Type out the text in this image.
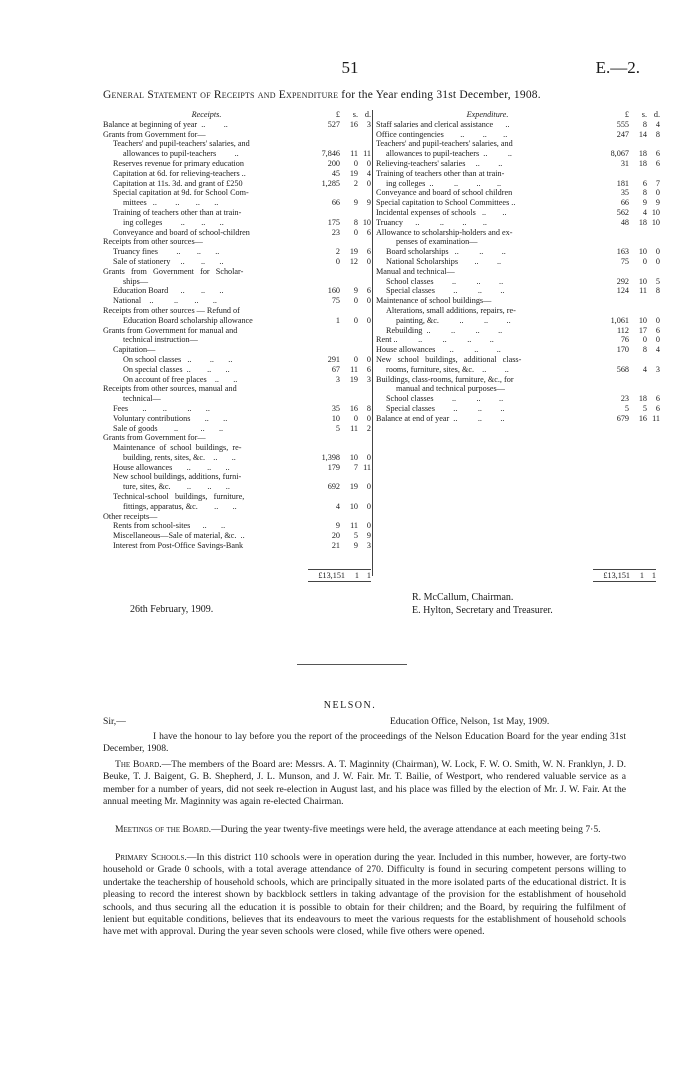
51	E.—2.
General Statement of Receipts and Expenditure for the Year ending 31st December, 1908.
Receipts.	£	s. d.
Balance at beginning of year  ..         ..	527	16	3
Grants from Government for—
Teachers' and pupil-teachers' salaries, and
allowances to pupil-teachers         ..	7,846	11 11
Reserves revenue for primary education	200	0	0
Capitation at 6d. for relieving-teachers ..	45	19	4
Capitation at 11s. 3d. and grant of £250	1,285	2	0
Special capitation at 9d. for School Com-
mittees   ..         ..        ..       ..	66	9	9
Training of teachers other than at train-
ing colleges         ..        ..       ..	175	8 10
Conveyance and board of school-children	23	0	6
Receipts from other sources—
Truancy fines         ..        ..       ..	2	19	6
Sale of stationery     ..        ..       ..	0	12	0
Grants   from   Government   for   Scholar-
ships—
Education Board      ..        ..       ..	160	9	6
National    ..          ..        ..       ..	75	0	0
Receipts from other sources — Refund of
Education Board scholarship allowance	1	0	0
Grants from Government for manual and
technical instruction—
Capitation—
On school classes   ..         ..       ..	291	0	0
On special classes  ..        ..       ..	67	11	6
On account of free places    ..       ..	3	19	3
Receipts from other sources, manual and
technical—
Fees       ..        ..          ..       ..	35	16	8
Voluntary contributions       ..       ..	10	0	0
Sale of goods        ..           ..       ..	5	11	2
Grants from Government for—
Maintenance  of  school  buildings,  re-
building, rents, sites, &c.    ..       ..	1,398	10	0
House allowances       ..        ..       ..	179	7 11
New school buildings, additions, furni-
ture, sites, &c.        ..        ..       ..	692	19	0
Technical-school   buildings,   furniture,
fittings, apparatus, &c.        ..       ..	4	10	0
Other receipts—
Rents from school-sites      ..       ..	9	11	0
Miscellaneous—Sale of material, &c.  ..	20	5	9
Interest from Post-Office Savings-Bank	21	9	3
Expenditure.	£	s. d.
Staff salaries and clerical assistance      ..	555	8	4
Office contingencies        ..         ..        ..	247	14	8
Teachers' and pupil-teachers' salaries, and
allowances to pupil-teachers  ..          ..	8,067	18	6
Relieving-teachers' salaries     ..         ..	31	18	6
Training of teachers other than at train-
ing colleges  ..          ..         ..        ..	181	6	7
Conveyance and board of school children	35	8	0
Special capitation to School Committees ..	66	9	9
Incidental expenses of schools   ..        ..	562	4 10
Truancy      ..          ..         ..        ..	48	18 10
Allowance to scholarship-holders and ex-
penses of examination—
Board scholarships   ..          ..         ..	163	10	0
National Scholarships        ..         ..	75	0	0
Manual and technical—
School classes         ..          ..         ..	292	10	5
Special classes         ..          ..         ..	124	11	8
Maintenance of school buildings—
Alterations, small additions, repairs, re-
painting, &c.          ..          ..         ..	1,061	10	0
Rebuilding  ..          ..          ..         ..	112	17	6
Rent ..          ..          ..          ..         ..	76	0	0
House allowances       ..          ..         ..	170	8	4
New   school   buildings,   additional   class-
rooms, furniture, sites, &c.    ..         ..	568	4	3
Buildings, class-rooms, furniture, &c., for
manual and technical purposes—
School classes         ..          ..         ..	23	18	6
Special classes         ..          ..         ..	5	5	6
Balance at end of year  ..          ..         ..	679	16 11
£13,151	1 1	£13,151	1 1
26th February, 1909.
R. McCallum, Chairman.
E. Hylton, Secretary and Treasurer.
NELSON.
Sir,—	Education Office, Nelson, 1st May, 1909.
I have the honour to lay before you the report of the proceedings of the Nelson Education Board for the year ending 31st December, 1908.
The Board.—The members of the Board are: Messrs. A. T. Maginnity (Chairman), W. Lock, F. W. O. Smith, W. N. Franklyn, J. D. Beuke, T. J. Baigent, G. B. Shepherd, J. L. Munson, and J. W. Fair. Mr. T. Bailie, of Westport, who rendered valuable service as a member for a number of years, did not seek re-election in August last, and his place was filled by the election of Mr. J. W. Fair. At the annual meeting Mr. Maginnity was again re-elected Chairman.
Meetings of the Board.—During the year twenty-five meetings were held, the average attendance at each meeting being 7·5.
Primary Schools.—In this district 110 schools were in operation during the year. Included in this number, however, are forty-two household or Grade 0 schools, with a total average attendance of 270. Difficulty is found in securing competent persons willing to undertake the teachership of household schools, which are principally situated in the more isolated parts of the educational district. It is pleasing to record the interest shown by backblock settlers in taking advantage of the provision for the establishment of household schools, and thus securing all the education it is possible to obtain for their children; and the Board, by requiring the fulfilment of lenient but equitable conditions, believes that its endeavours to meet the various requests for the establishment of household schools have met with approval. During the year seven schools were closed, while five others were opened.
